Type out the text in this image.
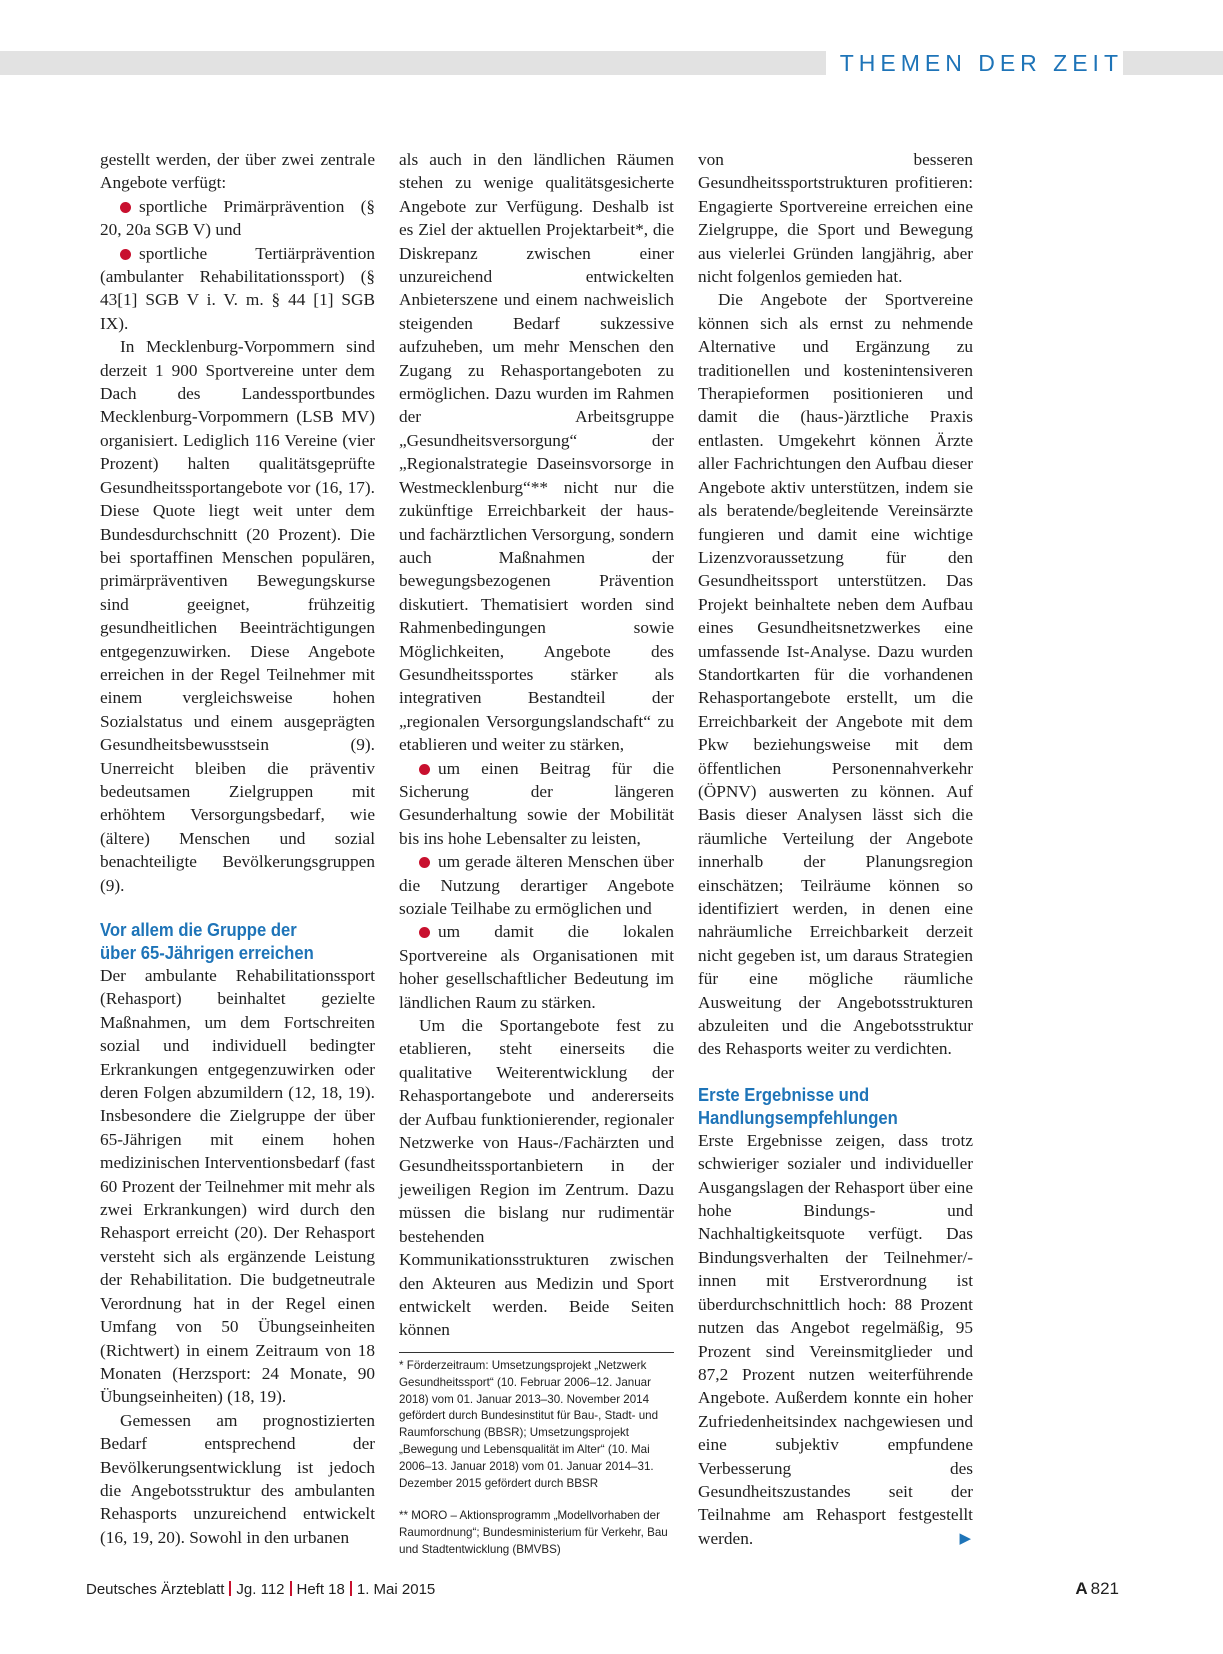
THEMEN DER ZEIT

gestellt werden, der über zwei zentrale Angebote verfügt:

sportliche Primärprävention (§ 20, 20a SGB V) und

sportliche Tertiärprävention (ambulanter Rehabilitationssport) (§ 43[1] SGB V i. V. m. § 44 [1] SGB IX).

In Mecklenburg-Vorpommern sind derzeit 1 900 Sportvereine unter dem Dach des Landessportbundes Mecklenburg-Vorpommern (LSB MV) organisiert. Lediglich 116 Vereine (vier Prozent) halten qualitätsgeprüfte Gesundheitssportangebote vor (16, 17). Diese Quote liegt weit unter dem Bundesdurchschnitt (20 Prozent). Die bei sportaffinen Menschen populären, primärpräventiven Bewegungskurse sind geeignet, frühzeitig gesundheitlichen Beeinträchtigungen entgegenzuwirken. Diese Angebote erreichen in der Regel Teilnehmer mit einem vergleichsweise hohen Sozialstatus und einem ausgeprägten Gesundheitsbewusstsein (9). Unerreicht bleiben die präventiv bedeutsamen Zielgruppen mit erhöhtem Versorgungsbedarf, wie (ältere) Menschen und sozial benachteiligte Bevölkerungsgruppen (9).

Vor allem die Gruppe der
über 65-Jährigen erreichen

Der ambulante Rehabilitationssport (Rehasport) beinhaltet gezielte Maßnahmen, um dem Fortschreiten sozial und individuell bedingter Erkrankungen entgegenzuwirken oder deren Folgen abzumildern (12, 18, 19). Insbesondere die Zielgruppe der über 65-Jährigen mit einem hohen medizinischen Interventionsbedarf (fast 60 Prozent der Teilnehmer mit mehr als zwei Erkrankungen) wird durch den Rehasport erreicht (20). Der Rehasport versteht sich als ergänzende Leistung der Rehabilitation. Die budgetneutrale Verordnung hat in der Regel einen Umfang von 50 Übungseinheiten (Richtwert) in einem Zeitraum von 18 Monaten (Herzsport: 24 Monate, 90 Übungseinheiten) (18, 19).

Gemessen am prognostizierten Bedarf entsprechend der Bevölkerungsentwicklung ist jedoch die Angebotsstruktur des ambulanten Rehasports unzureichend entwickelt (16, 19, 20). Sowohl in den urbanen

als auch in den ländlichen Räumen stehen zu wenige qualitätsgesicherte Angebote zur Verfügung. Deshalb ist es Ziel der aktuellen Projektarbeit*, die Diskrepanz zwischen einer unzureichend entwickelten Anbieterszene und einem nachweislich steigenden Bedarf sukzessive aufzuheben, um mehr Menschen den Zugang zu Rehasportangeboten zu ermöglichen. Dazu wurden im Rahmen der Arbeitsgruppe „Gesundheitsversorgung“ der „Regionalstrategie Daseinsvorsorge in Westmecklenburg“** nicht nur die zukünftige Erreichbarkeit der haus- und fachärztlichen Versorgung, sondern auch Maßnahmen der bewegungsbezogenen Prävention diskutiert. Thematisiert worden sind Rahmenbedingungen sowie Möglichkeiten, Angebote des Gesundheitssportes stärker als integrativen Bestandteil der „regionalen Versorgungslandschaft“ zu etablieren und weiter zu stärken,

um einen Beitrag für die Sicherung der längeren Gesunderhaltung sowie der Mobilität bis ins hohe Lebensalter zu leisten,

um gerade älteren Menschen über die Nutzung derartiger Angebote soziale Teilhabe zu ermöglichen und

um damit die lokalen Sportvereine als Organisationen mit hoher gesellschaftlicher Bedeutung im ländlichen Raum zu stärken.

Um die Sportangebote fest zu etablieren, steht einerseits die qualitative Weiterentwicklung der Rehasportangebote und andererseits der Aufbau funktionierender, regionaler Netzwerke von Haus-/Fachärzten und Gesundheitssportanbietern in der jeweiligen Region im Zentrum. Dazu müssen die bislang nur rudimentär bestehenden Kommunikationsstrukturen zwischen den Akteuren aus Medizin und Sport entwickelt werden. Beide Seiten können

* Förderzeitraum: Umsetzungsprojekt „Netzwerk Gesundheitssport“ (10. Februar 2006–12. Januar 2018) vom 01. Januar 2013–30. November 2014 gefördert durch Bundesinstitut für Bau-, Stadt- und Raumforschung (BBSR); Umsetzungsprojekt „Bewegung und Lebensqualität im Alter“ (10. Mai 2006–13. Januar 2018) vom 01. Januar 2014–31. Dezember 2015 gefördert durch BBSR

** MORO – Aktionsprogramm „Modellvorhaben der Raumordnung“; Bundesministerium für Verkehr, Bau und Stadtentwicklung (BMVBS)

von besseren Gesundheitssportstrukturen profitieren: Engagierte Sportvereine erreichen eine Zielgruppe, die Sport und Bewegung aus vielerlei Gründen langjährig, aber nicht folgenlos gemieden hat.

Die Angebote der Sportvereine können sich als ernst zu nehmende Alternative und Ergänzung zu traditionellen und kostenintensiveren Therapieformen positionieren und damit die (haus-)ärztliche Praxis entlasten. Umgekehrt können Ärzte aller Fachrichtungen den Aufbau dieser Angebote aktiv unterstützen, indem sie als beratende/begleitende Vereinsärzte fungieren und damit eine wichtige Lizenzvoraussetzung für den Gesundheitssport unterstützen. Das Projekt beinhaltete neben dem Aufbau eines Gesundheitsnetzwerkes eine umfassende Ist-Analyse. Dazu wurden Standortkarten für die vorhandenen Rehasportangebote erstellt, um die Erreichbarkeit der Angebote mit dem Pkw beziehungsweise mit dem öffentlichen Personennahverkehr (ÖPNV) auswerten zu können. Auf Basis dieser Analysen lässt sich die räumliche Verteilung der Angebote innerhalb der Planungsregion einschätzen; Teilräume können so identifiziert werden, in denen eine nahräumliche Erreichbarkeit derzeit nicht gegeben ist, um daraus Strategien für eine mögliche räumliche Ausweitung der Angebotsstrukturen abzuleiten und die Angebotsstruktur des Rehasports weiter zu verdichten.

Erste Ergebnisse und
Handlungsempfehlungen

Erste Ergebnisse zeigen, dass trotz schwieriger sozialer und individueller Ausgangslagen der Rehasport über eine hohe Bindungs- und Nachhaltigkeitsquote verfügt. Das Bindungsverhalten der Teilnehmer/-innen mit Erstverordnung ist überdurchschnittlich hoch: 88 Prozent nutzen das Angebot regelmäßig, 95 Prozent sind Vereinsmitglieder und 87,2 Prozent nutzen weiterführende Angebote. Außerdem konnte ein hoher Zufriedenheitsindex nachgewiesen und eine subjektiv empfundene Verbesserung des Gesundheitszustandes seit der Teilnahme am Rehasport festgestellt werden.	▶

Deutsches Ärzteblatt Jg. 112 Heft 18 1. Mai 2015	A 821
